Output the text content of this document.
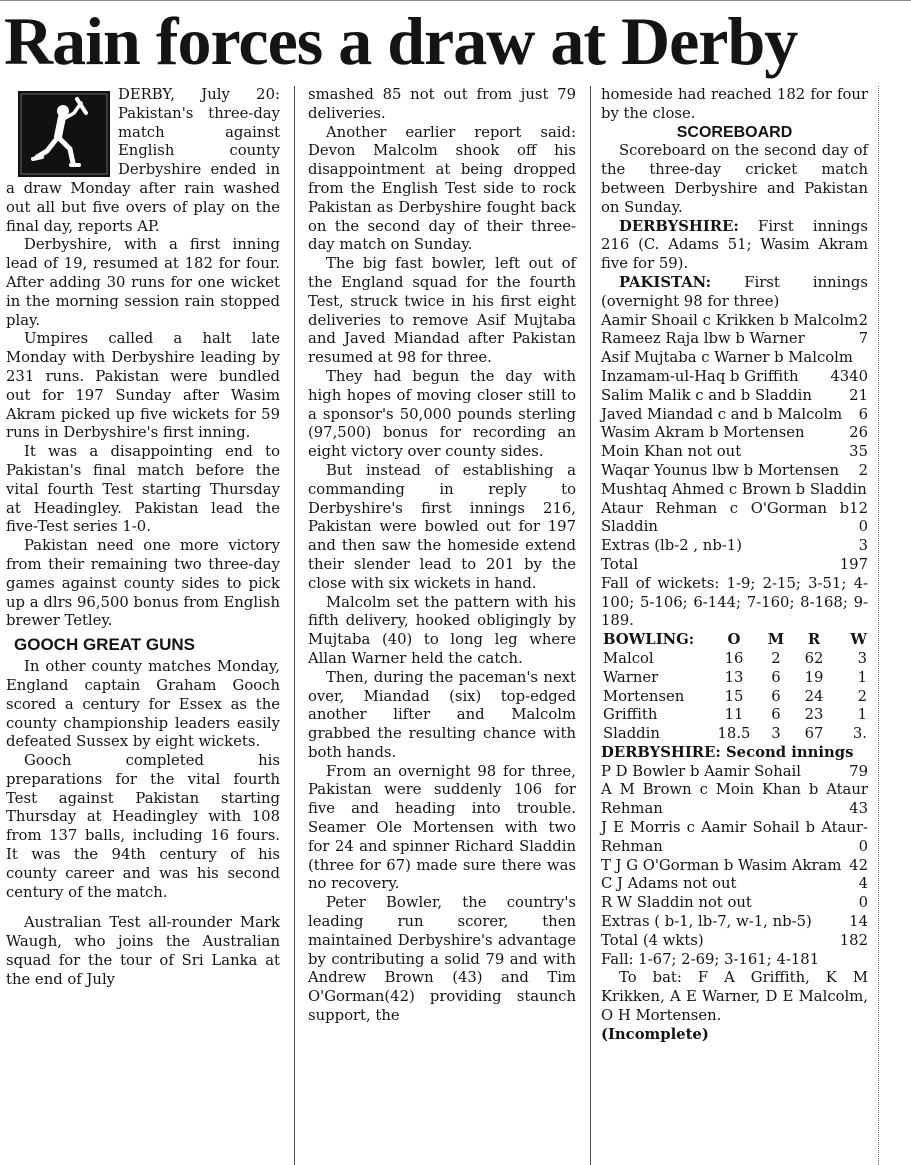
Rain forces a draw at Derby

DERBY, July 20: Pakistan's three-day match against English county Derbyshire ended in a draw Monday after rain washed out all but five overs of play on the final day, reports AP.

Derbyshire, with a first inning lead of 19, resumed at 182 for four. After adding 30 runs for one wicket in the morning session rain stopped play.

Umpires called a halt late Monday with Derbyshire leading by 231 runs. Pakistan were bundled out for 197 Sunday after Wasim Akram picked up five wickets for 59 runs in Derbyshire's first inning.

It was a disappointing end to Pakistan's final match before the vital fourth Test starting Thursday at Headingley. Pakistan lead the five-Test series 1-0.

Pakistan need one more victory from their remaining two three-day games against county sides to pick up a dlrs 96,500 bonus from English brewer Tetley.

GOOCH GREAT GUNS

In other county matches Monday, England captain Graham Gooch scored a century for Essex as the county championship leaders easily defeated Sussex by eight wickets.

Gooch completed his preparations for the vital fourth Test against Pakistan starting Thursday at Headingley with 108 from 137 balls, including 16 fours. It was the 94th century of his county career and was his second century of the match.

Australian Test all-rounder Mark Waugh, who joins the Australian squad for the tour of Sri Lanka at the end of July

smashed 85 not out from just 79 deliveries.

Another earlier report said: Devon Malcolm shook off his disappointment at being dropped from the English Test side to rock Pakistan as Derbyshire fought back on the second day of their three-day match on Sunday.

The big fast bowler, left out of the England squad for the fourth Test, struck twice in his first eight deliveries to remove Asif Mujtaba and Javed Miandad after Pakistan resumed at 98 for three.

They had begun the day with high hopes of moving closer still to a sponsor's 50,000 pounds sterling (97,500) bonus for recording an eight victory over county sides.

But instead of establishing a commanding in reply to Derbyshire's first innings 216, Pakistan were bowled out for 197 and then saw the homeside extend their slender lead to 201 by the close with six wickets in hand.

Malcolm set the pattern with his fifth delivery, hooked obligingly by Mujtaba (40) to long leg where Allan Warner held the catch.

Then, during the paceman's next over, Miandad (six) top-edged another lifter and Malcolm grabbed the resulting chance with both hands.

From an overnight 98 for three, Pakistan were suddenly 106 for five and heading into trouble. Seamer Ole Mortensen with two for 24 and spinner Richard Sladdin (three for 67) made sure there was no recovery.

Peter Bowler, the country's leading run scorer, then maintained Derbyshire's advantage by contributing a solid 79 and with Andrew Brown (43) and Tim O'Gorman(42) providing staunch support, the

homeside had reached 182 for four by the close.

SCOREBOARD

Scoreboard on the second day of the three-day cricket match between Derbyshire and Pakistan on Sunday.

DERBYSHIRE: First innings 216 (C. Adams 51; Wasim Akram five for 59).

PAKISTAN: First innings (overnight 98 for three)

Aamir Shoail c Krikken b Malcolm 2

Rameez Raja lbw b Warner	7

Asif Mujtaba c Warner b Malcolm
40

Inzamam-ul-Haq b Griffith 43
Salim Malik c and b Sladdin	21

Javed Miandad c and b Malcolm 6

Wasim Akram b Mortensen	26
Moin Khan not out	35

Waqar Younus lbw b Mortensen 2

Mushtaq Ahmed c Brown b Sladdin
12

Ataur Rehman c O'Gorman b Sladdin	0

Extras (lb-2 , nb-1)	3
Total	197

Fall of wickets: 1-9; 2-15; 3-51; 4-100; 5-106; 6-144; 7-160; 8-168; 9-189.

BOWLING:	O	M	R	W
Malcol	16	2	62	3
Warner	13	6	19	1
Mortensen	15	6	24	2
Griffith	11	6	23	1
Sladdin	18.5	3	67	3.

DERBYSHIRE: Second innings

P D Bowler b Aamir Sohail	79

A M Brown c Moin Khan b Ataur Rehman	43

J E Morris c Aamir Sohail b Ataur-Rehman	0

T J G O'Gorman b Wasim Akram 42

C J Adams not out	4
R W Sladdin not out	0
Extras ( b-1, lb-7, w-1, nb-5)	14
Total (4 wkts)	182

Fall: 1-67; 2-69; 3-161; 4-181

To bat: F A Griffith, K M Krikken, A E Warner, D E Malcolm, O H Mortensen.

(Incomplete)
